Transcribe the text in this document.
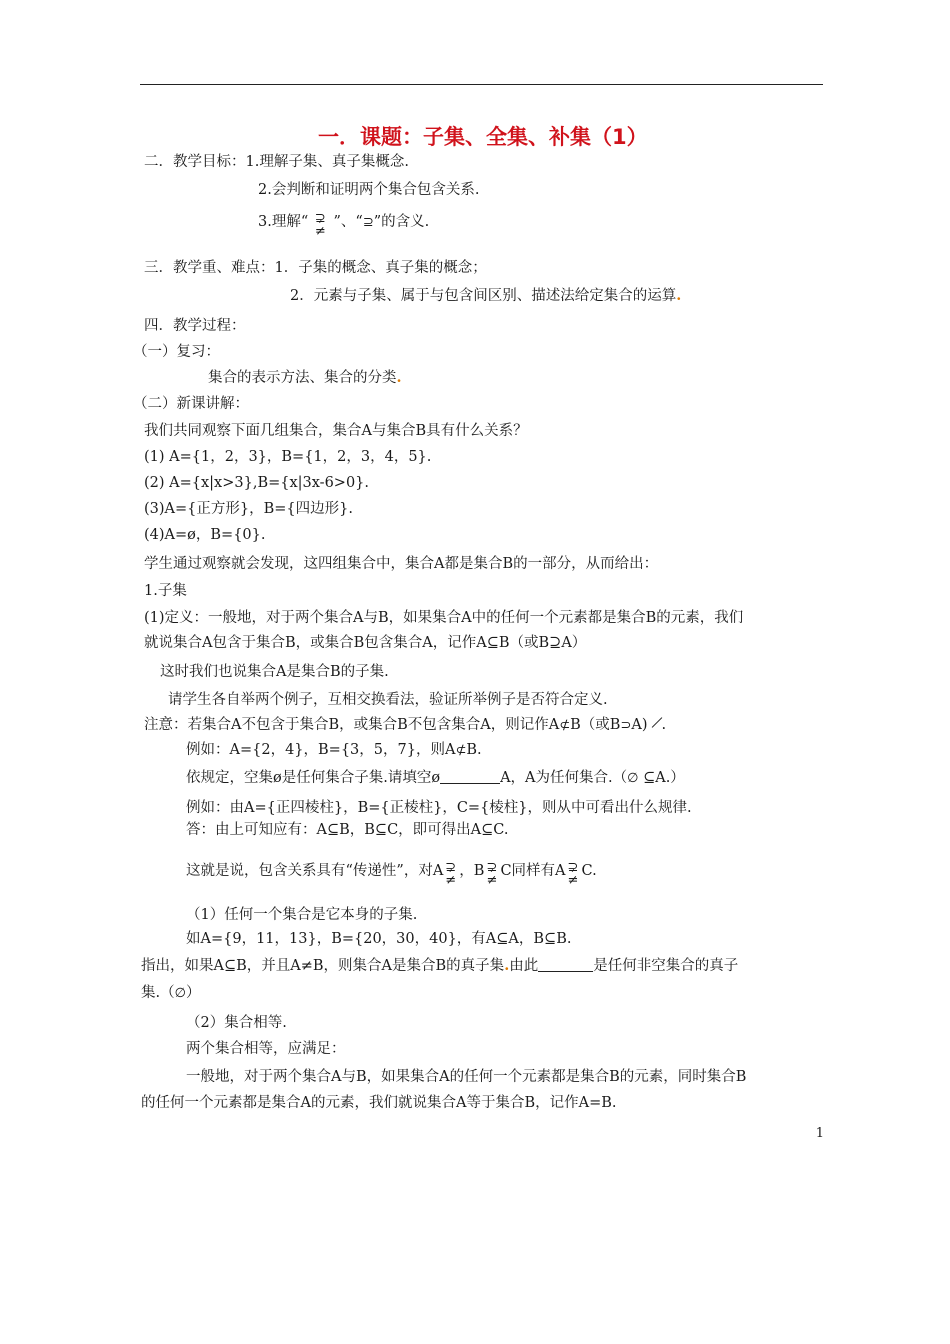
一．课题：子集、全集、补集（1）
二．教学目标：1.理解子集、真子集概念.
2.会判断和证明两个集合包含关系.
3.理解“ ⊋
≠
”、“⊇”的含义.
三．教学重、难点：1．子集的概念、真子集的概念；
2．元素与子集、属于与包含间区别、描述法给定集合的运算.
四．教学过程：
（一）复习：
集合的表示方法、集合的分类.
（二）新课讲解：
我们共同观察下面几组集合，集合A与集合B具有什么关系？
(1) A={1，2，3}，B={1，2，3，4，5}.
(2) A={x|x>3},B={x|3x-6>0}.
(3)A={正方形}，B={四边形}.
(4)A=ø，B={0}.
学生通过观察就会发现，这四组集合中，集合A都是集合B的一部分，从而给出：
1.子集
(1)定义：一般地，对于两个集合A与B，如果集合A中的任何一个元素都是集合B的元素，我们
就说集合A包含于集合B，或集合B包含集合A，记作A⊆B（或B⊇A）
这时我们也说集合A是集合B的子集.
请学生各自举两个例子，互相交换看法，验证所举例子是否符合定义.
注意：若集合A不包含于集合B，或集合B不包含集合A，则记作A⊄B（或B⊃A) .
例如：A={2，4}，B={3，5，7}，则A⊄B.
依规定，空集ø是任何集合子集.请填空ø	A，A为任何集合.（∅ ⊆A.）
例如：由A={正四棱柱}，B={正棱柱}，C={棱柱}，则从中可看出什么规律.
答：由上可知应有：A⊆B，B⊆C，即可得出A⊆C.
这就是说，包含关系具有“传递性”，对A ⊋
≠
，B ⊋
≠
C同样有A ⊋
≠
C.
（1）任何一个集合是它本身的子集.
如A={9，11，13}，B={20，30，40}，有A⊆A，B⊆B.
指出，如果A⊆B，并且A≠B，则集合A是集合B的真子集.由此	是任何非空集合的真子
集.（∅）
（2）集合相等.
两个集合相等，应满足：
一般地，对于两个集合A与B，如果集合A的任何一个元素都是集合B的元素，同时集合B
的任何一个元素都是集合A的元素，我们就说集合A等于集合B，记作A=B.
1
